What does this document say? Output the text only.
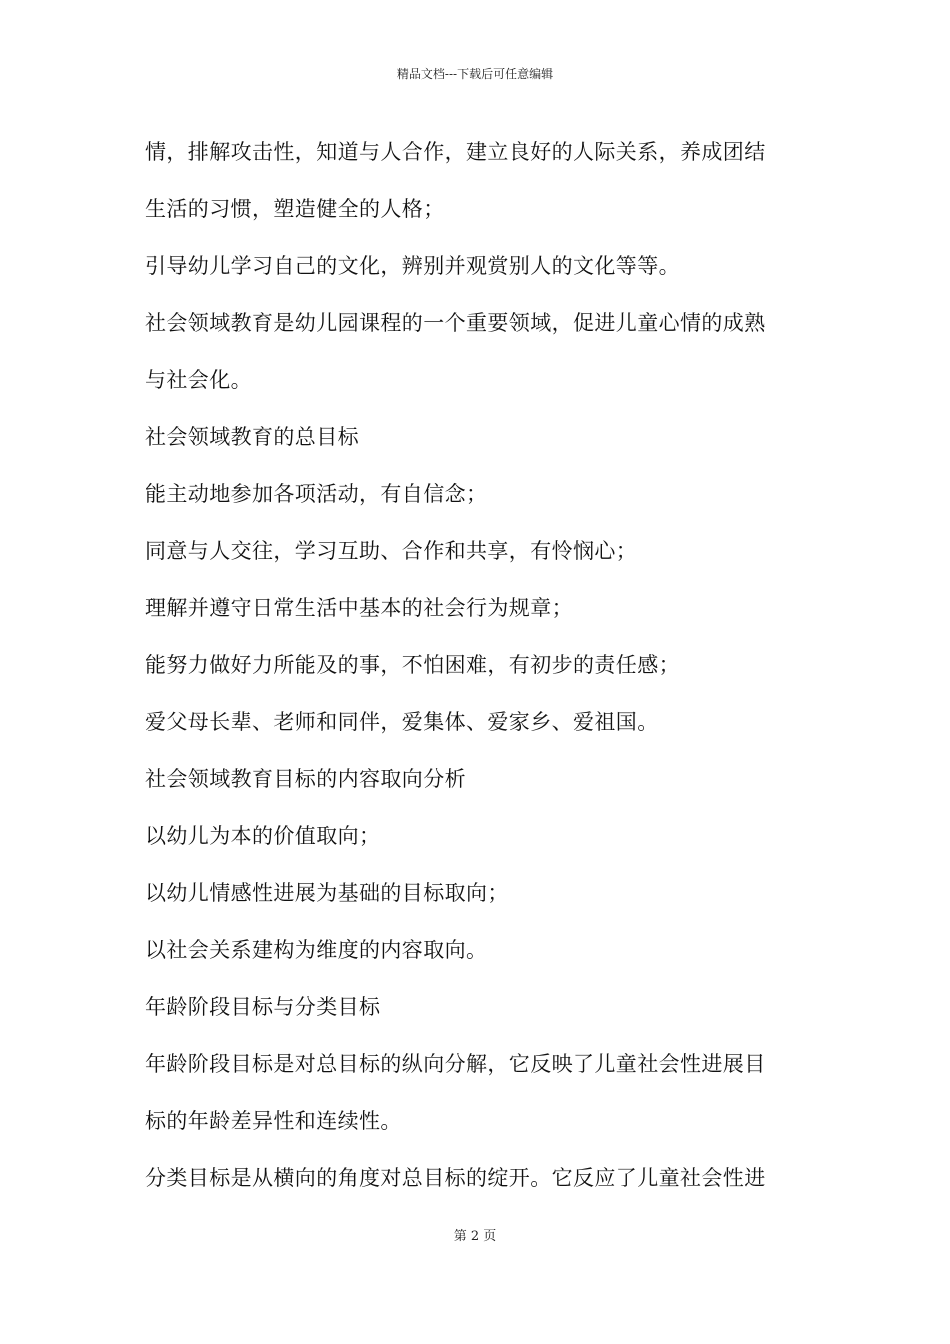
精品文档---下载后可任意编辑
情，排解攻击性，知道与人合作，建立良好的人际关系，养成团结
生活的习惯，塑造健全的人格；
引导幼儿学习自己的文化，辨别并观赏别人的文化等等。
社会领域教育是幼儿园课程的一个重要领域，促进儿童心情的成熟
与社会化。
社会领域教育的总目标
能主动地参加各项活动，有自信念；
同意与人交往，学习互助、合作和共享，有怜悯心；
理解并遵守日常生活中基本的社会行为规章；
能努力做好力所能及的事，不怕困难，有初步的责任感；
爱父母长辈、老师和同伴，爱集体、爱家乡、爱祖国。
社会领域教育目标的内容取向分析
以幼儿为本的价值取向；
以幼儿情感性进展为基础的目标取向；
以社会关系建构为维度的内容取向。
年龄阶段目标与分类目标
年龄阶段目标是对总目标的纵向分解，它反映了儿童社会性进展目
标的年龄差异性和连续性。
分类目标是从横向的角度对总目标的绽开。它反应了儿童社会性进
第 2 页
